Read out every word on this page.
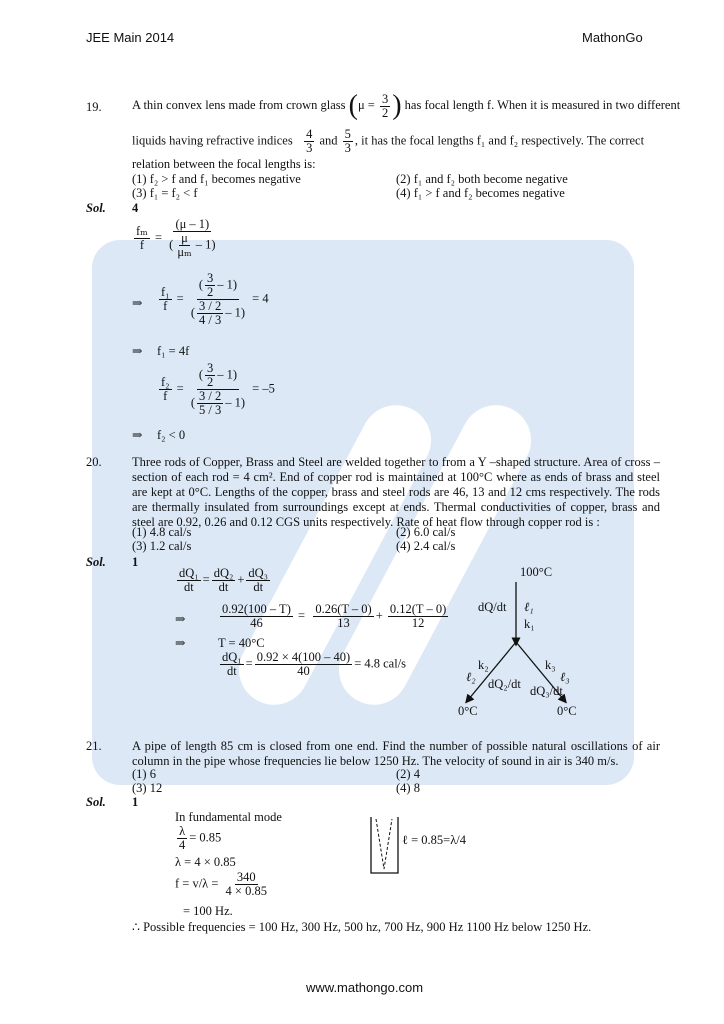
JEE Main 2014	MathonGo
19. A thin convex lens made from crown glass ($\mu = \frac{3}{2}$ ) has focal length f. When it is measured in two different
liquids having refractive indices $\frac{4}{3}$ and $\frac{5}{3}$ , it has the focal lengths f₁ and f₂ respectively. The correct
relation between the focal lengths is:
(1) f₂ > f and f₁ becomes negative	(2) f₁ and f₂ both become negative
(3) f₁ = f₂ < f	(4) f₁ > f and f₂ becomes negative
Sol. 4
$\frac{\text{fₘ}}{f} = \frac{(\mu - 1)}{( \frac{\mu}{\text{μₘ}} - 1)}$
⇒ $\frac{\text{f₁}}{f} = \frac{( \frac{3}{2} - 1)}{( \frac{3 / 2}{4 / 3} - 1)} = 4$
⇒ f₁ = 4f
$\frac{\text{f₂}}{f} = \frac{( \frac{3}{2} - 1)}{( \frac{3 / 2}{5 / 3} - 1)} = -5$
⇒ f₂ < 0
20. Three rods of Copper, Brass and Steel are welded together to from a Y –shaped structure. Area of cross – section of each rod = 4 cm². End of copper rod is maintained at 100°C where as ends of brass and steel are kept at 0°C. Lengths of the copper, brass and steel rods are 46, 13 and 12 cms respectively. The rods are thermally insulated from surroundings except at ends. Thermal conductivities of copper, brass and steel are 0.92, 0.26 and 0.12 CGS units respectively. Rate of heat flow through copper rod is :
(1) 4.8 cal/s	(2) 6.0 cal/s
(3) 1.2 cal/s	(4) 2.4 cal/s
Sol. 1
$\frac{\text{dQ₁}}{dt} = \frac{\text{dQ₂}}{dt} + \frac{\text{dQ₃}}{dt}$
⇒	$\frac{0.92(100 - T)}{46} = \frac{0.26(T - 0)}{13} + \frac{0.12(T - 0)}{12}$
⇒	T = 40°C
$\frac{\text{dQ₁}}{dt} = \frac{0.92 \times 4(100 - 40)}{40} = 4.8$ cal/s
100°C
dQ/dt ℓ₁
k₁
k₂
ℓ₂ dQ₂/dt
k₃
ℓ₃
dQ₃/dt
0°C	0°C
21. A pipe of length 85 cm is closed from one end. Find the number of possible natural oscillations of air column in the pipe whose frequencies lie below 1250 Hz. The velocity of sound in air is 340 m/s.
(1) 6	(2) 4
(3) 12	(4) 8
Sol. 1
In fundamental mode
$\frac{\lambda}{4} = 0.85$
λ = 4 × 0.85
$f = v/\lambda = \frac{340}{4 \times 0.85}$
= 100 Hz.
ℓ = 0.85=λ/4
∴ Possible frequencies = 100 Hz, 300 Hz, 500 hz, 700 Hz, 900 Hz 1100 Hz below 1250 Hz.
www.mathongo.com
